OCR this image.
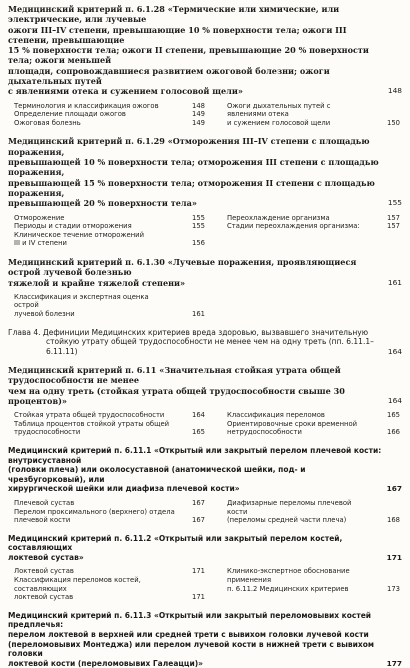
Медицинский критерий п. 6.1.28 «Термические или химические, или электрические, или лучевые
ожоги III–IV степени, превышающие 10 % поверхности тела; ожоги III степени, превышающие
15 % поверхности тела; ожоги II степени, превышающие 20 % поверхности тела; ожоги меньшей
площади, сопровождавшиеся развитием ожоговой болезни; ожоги дыхательных путей
с явлениями отека и сужением голосовой щели»	148
Терминология и классификация ожогов	148
Определение площади ожогов	149
Ожоговая болезнь	149
Ожоги дыхательных путей с явлениями отека
и сужением голосовой щели	150
Медицинский критерий п. 6.1.29 «Отморожения III–IV степени с площадью поражения,
превышающей 10 % поверхности тела; отморожения III степени с площадью поражения,
превышающей 15 % поверхности тела; отморожения II степени с площадью поражения,
превышающей 20 % поверхности тела»	155
Отморожение	155
Периоды и стадии отморожения	155
Клиническое течение отморожений
III и IV степени	156
Переохлаждение организма	157
Стадии переохлаждения организма:	157
Медицинский критерий п. 6.1.30 «Лучевые поражения, проявляющиеся острой лучевой болезнью
тяжелой и крайне тяжелой степени»	161
Классификация и экспертная оценка острой
лучевой болезни	161
Глава 4. Дефиниции Медицинских критериев вреда здоровью, вызвавшего значительную
стойкую утрату общей трудоспособности не менее чем на одну треть (пп. 6.11.1–
6.11.11)	164
Медицинский критерий п. 6.11 «Значительная стойкая утрата общей трудоспособности не менее
чем на одну треть (стойкая утрата общей трудоспособности свыше 30 процентов)»	164
Стойкая утрата общей трудоспособности	164
Таблица процентов стойкой утраты общей
трудоспособности	165
Классификация переломов	165
Ориентировочные сроки временной
нетрудоспособности	166
Медицинский критерий п. 6.11.1 «Открытый или закрытый перелом плечевой кости: внутрисуставной
(головки плеча) или околосуставной (анатомической шейки, под- и чрезбугорковый), или
хирургической шейки или диафиза плечевой кости»	167
Плечевой сустав	167
Перелом проксимального (верхнего) отдела
плечевой кости	167
Диафизарные переломы плечевой кости
(переломы средней части плеча)	168
Медицинский критерий п. 6.11.2 «Открытый или закрытый перелом костей, составляющих
локтевой сустав»	171
Локтевой сустав	171
Классификация переломов костей, составляющих
локтевой сустав	171
Клинико-экспертное обоснование применения
п. 6.11.2 Медицинских критериев	173
Медицинский критерий п. 6.11.3 «Открытый или закрытый переломовывих костей предплечья:
перелом локтевой в верхней или средней трети с вывихом головки лучевой кости
(переломовывих Монтеджа) или перелом лучевой кости в нижней трети с вывихом головки
локтевой кости (переломовывих Галеацци)»	177
